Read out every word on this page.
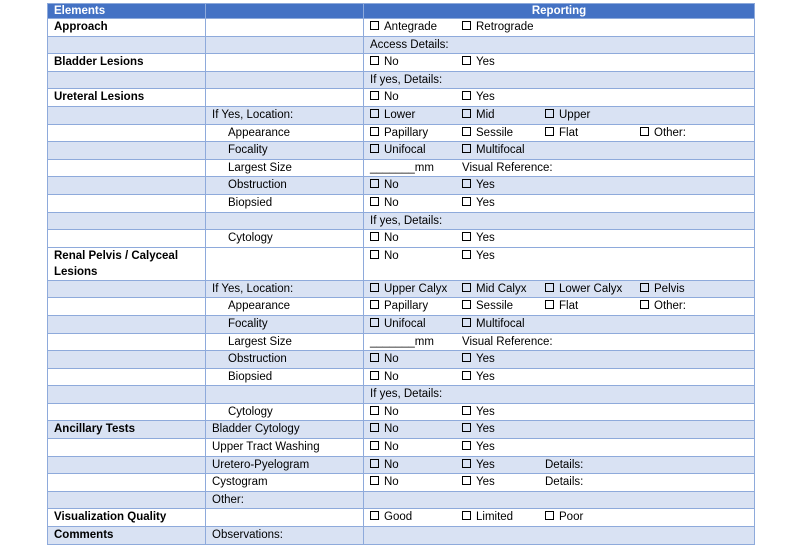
Elements		Reporting
Approach		Antegrade Retrograde

		Access Details:

Bladder Lesions		No Yes

		If yes, Details:

Ureteral Lesions		No Yes

	If Yes, Location:	Lower Mid Upper

	Appearance	Papillary Sessile Flat Other:

	Focality	Unifocal Multifocal

	Largest Size	_______mm Visual Reference:

	Obstruction	No Yes

	Biopsied	No Yes

		If yes, Details:

	Cytology	No Yes

Renal Pelvis / Calyceal Lesions		No Yes

	If Yes, Location:	Upper Calyx Mid Calyx Lower Calyx Pelvis

	Appearance	Papillary Sessile Flat Other:

	Focality	Unifocal Multifocal

	Largest Size	_______mm Visual Reference:

	Obstruction	No Yes

	Biopsied	No Yes

		If yes, Details:

	Cytology	No Yes

Ancillary Tests	Bladder Cytology	No Yes

	Upper Tract Washing	No Yes

	Uretero-Pyelogram	No Yes Details:

	Cystogram	No Yes Details:

	Other:	

Visualization Quality		Good Limited Poor

Comments	Observations:	
